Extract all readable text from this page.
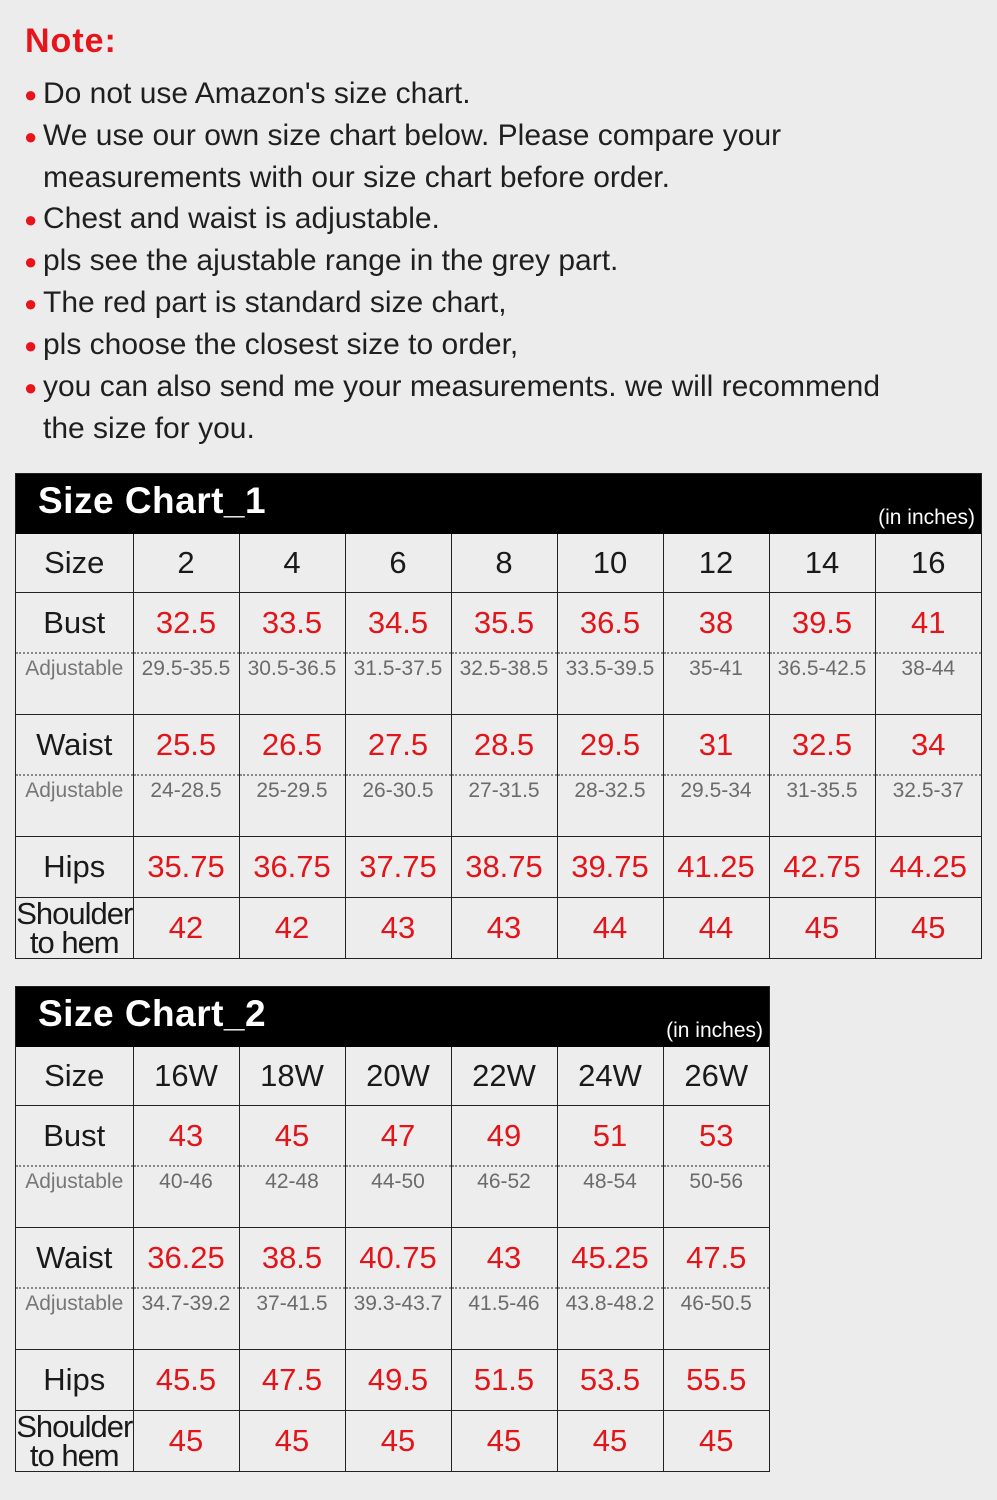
Note:
● Do not use Amazon's size chart.
● We use our own size chart below. Please compare your
measurements with our size chart before order.
● Chest and waist is adjustable.
● pls see the ajustable range in the grey part.
● The red part is standard size chart,
● pls choose the closest size to order,
● you can also send me your measurements. we will recommend
the size for you.
Size Chart_1	(in inches)
Size	2	4	6	8	10	12	14	16
Bust	32.5	33.5	34.5	35.5	36.5	38	39.5	41

Adjustable	29.5-35.5	30.5-36.5	31.5-37.5	32.5-38.5	33.5-39.5	35-41	36.5-42.5	38-44

Waist	25.5	26.5	27.5	28.5	29.5	31	32.5	34

Adjustable	24-28.5	25-29.5	26-30.5	27-31.5	28-32.5	29.5-34	31-35.5	32.5-37

Hips	35.75	36.75	37.75	38.75	39.75	41.25	42.75	44.25
Shoulder
to hem	42	42	43	43	44	44	45	45
Size Chart_2	(in inches)
Size	16W	18W	20W	22W	24W	26W
Bust	43	45	47	49	51	53

Adjustable	40-46	42-48	44-50	46-52	48-54	50-56

Waist	36.25	38.5	40.75	43	45.25	47.5

Adjustable	34.7-39.2	37-41.5	39.3-43.7	41.5-46	43.8-48.2	46-50.5

Hips	45.5	47.5	49.5	51.5	53.5	55.5
Shoulder
to hem	45	45	45	45	45	45
